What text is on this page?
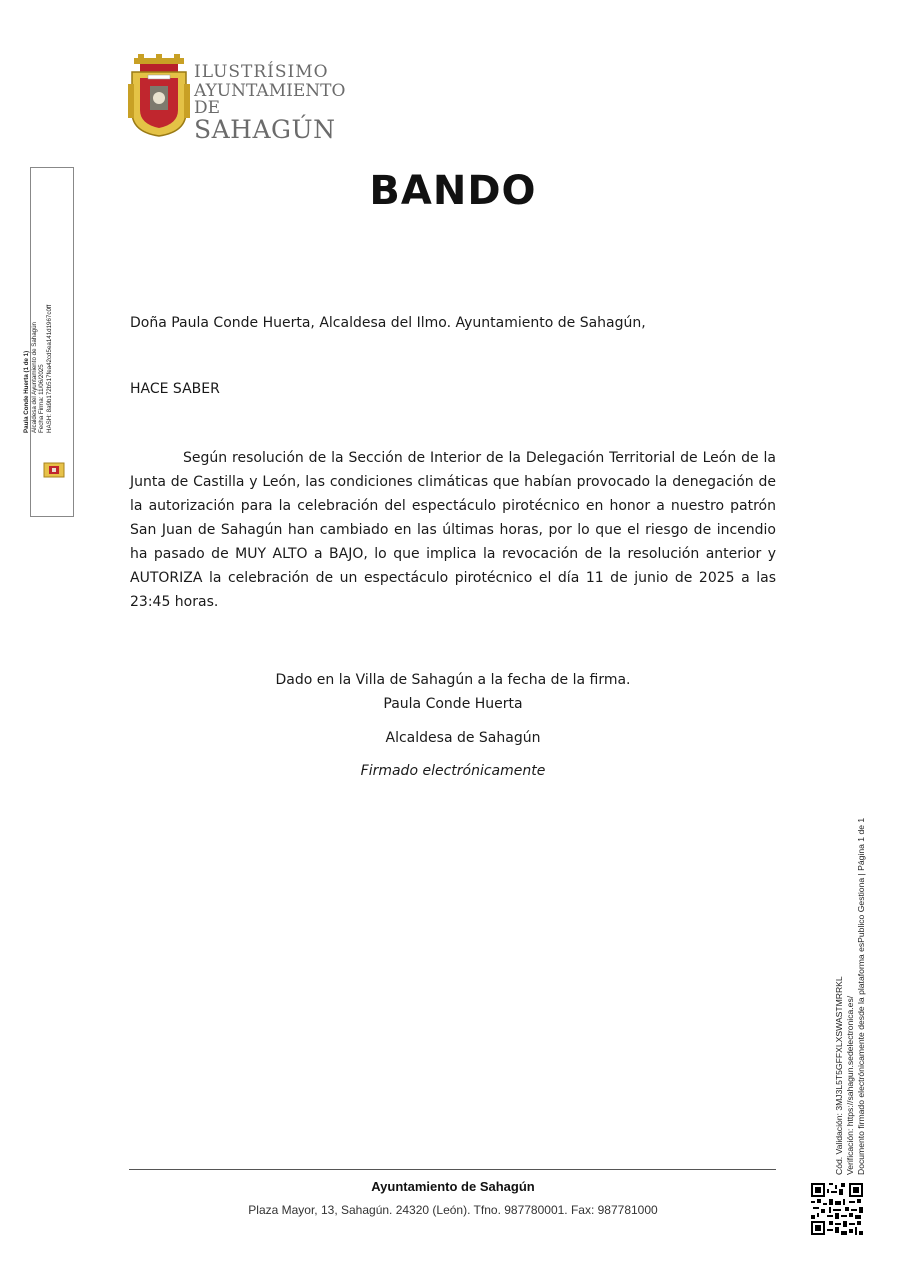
ILUSTRÍSIMO
AYUNTAMIENTO DE
SAHAGÚN
Paula Conde Huerta (1 de 1) Alcaldesa del Ayuntamiento de Sahagún Fecha Firma: 11/06/2025 HASH: 8a9b172b517fea42cd5ea141d1967c0ff
BANDO
Doña Paula Conde Huerta, Alcaldesa del Ilmo. Ayuntamiento de Sahagún,
HACE SABER
Según resolución de la Sección de Interior de la Delegación Territorial de León de la Junta de Castilla y León, las condiciones climáticas que habían provocado la denegación de la autorización para la celebración del espectáculo pirotécnico en honor a nuestro patrón San Juan de Sahagún han cambiado en las últimas horas, por lo que el riesgo de incendio ha pasado de MUY ALTO a BAJO, lo que implica la revocación de la resolución anterior y AUTORIZA la celebración de un espectáculo pirotécnico el día 11 de junio de 2025 a las 23:45 horas.
Dado en la Villa de Sahagún a la fecha de la firma.
Paula Conde Huerta
Alcaldesa de Sahagún
Firmado electrónicamente
Cód. Validación: 3MJ3L5T5GFFXLXSWASTMRRKL Verificación: https://sahagun.sedelectronica.es/ Documento firmado electrónicamente desde la plataforma esPublico Gestiona | Página 1 de 1
Ayuntamiento de Sahagún
Plaza Mayor, 13, Sahagún. 24320 (León). Tfno. 987780001. Fax: 987781000
